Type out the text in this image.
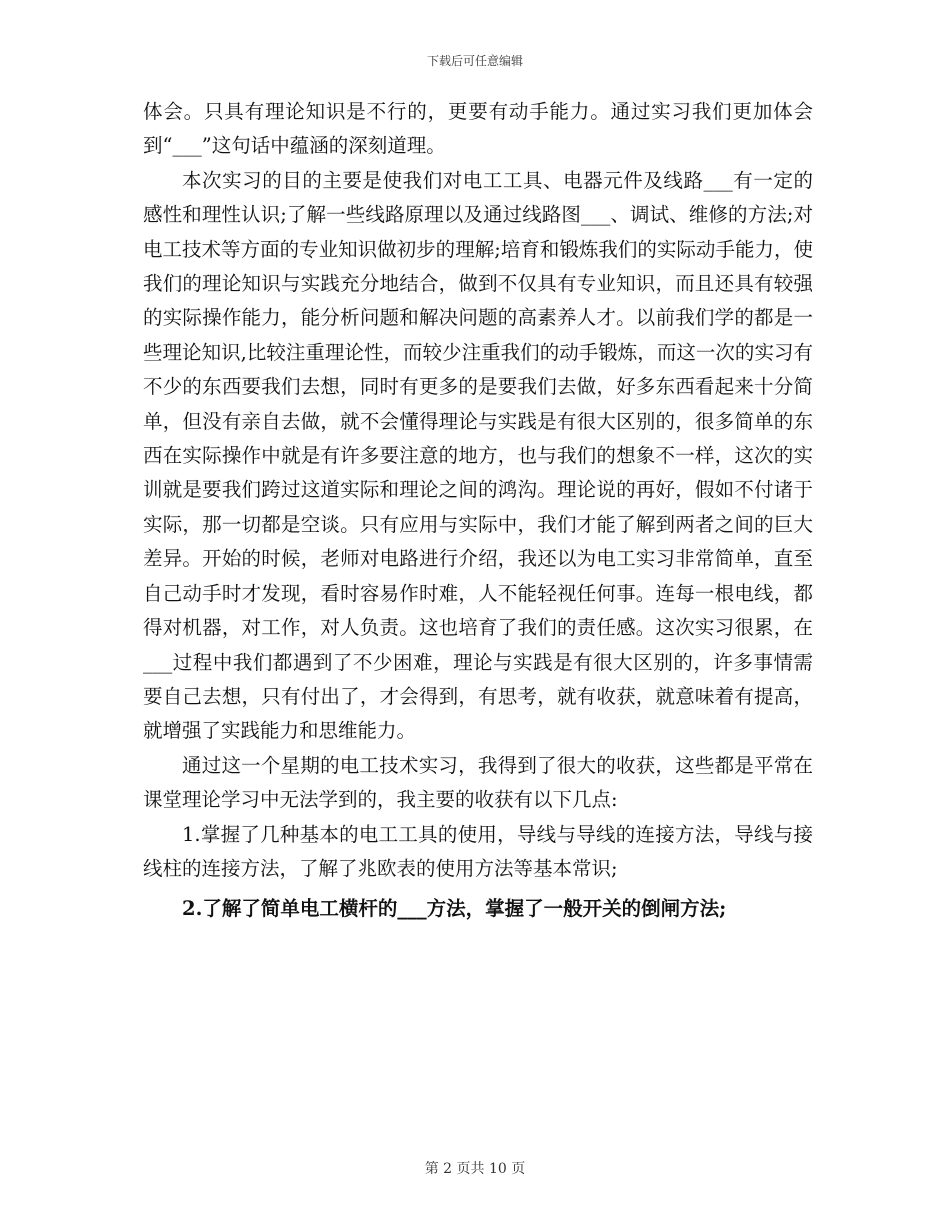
下载后可任意编辑

体会。只具有理论知识是不行的，更要有动手能力。通过实习我们更加体会到“___”这句话中蕴涵的深刻道理。

本次实习的目的主要是使我们对电工工具、电器元件及线路___有一定的感性和理性认识;了解一些线路原理以及通过线路图___、调试、维修的方法;对电工技术等方面的专业知识做初步的理解;培育和锻炼我们的实际动手能力，使我们的理论知识与实践充分地结合，做到不仅具有专业知识，而且还具有较强的实际操作能力，能分析问题和解决问题的高素养人才。以前我们学的都是一些理论知识,比较注重理论性，而较少注重我们的动手锻炼，而这一次的实习有不少的东西要我们去想，同时有更多的是要我们去做，好多东西看起来十分简单，但没有亲自去做，就不会懂得理论与实践是有很大区别的，很多简单的东西在实际操作中就是有许多要注意的地方，也与我们的想象不一样，这次的实训就是要我们跨过这道实际和理论之间的鸿沟。理论说的再好，假如不付诸于实际，那一切都是空谈。只有应用与实际中，我们才能了解到两者之间的巨大差异。开始的时候，老师对电路进行介绍，我还以为电工实习非常简单，直至自己动手时才发现，看时容易作时难，人不能轻视任何事。连每一根电线，都得对机器，对工作，对人负责。这也培育了我们的责任感。这次实习很累，在___过程中我们都遇到了不少困难，理论与实践是有很大区别的，许多事情需要自己去想，只有付出了，才会得到，有思考，就有收获，就意味着有提高，就增强了实践能力和思维能力。

通过这一个星期的电工技术实习，我得到了很大的收获，这些都是平常在课堂理论学习中无法学到的，我主要的收获有以下几点:

1.掌握了几种基本的电工工具的使用，导线与导线的连接方法，导线与接线柱的连接方法，了解了兆欧表的使用方法等基本常识;

2.了解了简单电工横杆的___方法，掌握了一般开关的倒闸方法;

第 2 页共 10 页
